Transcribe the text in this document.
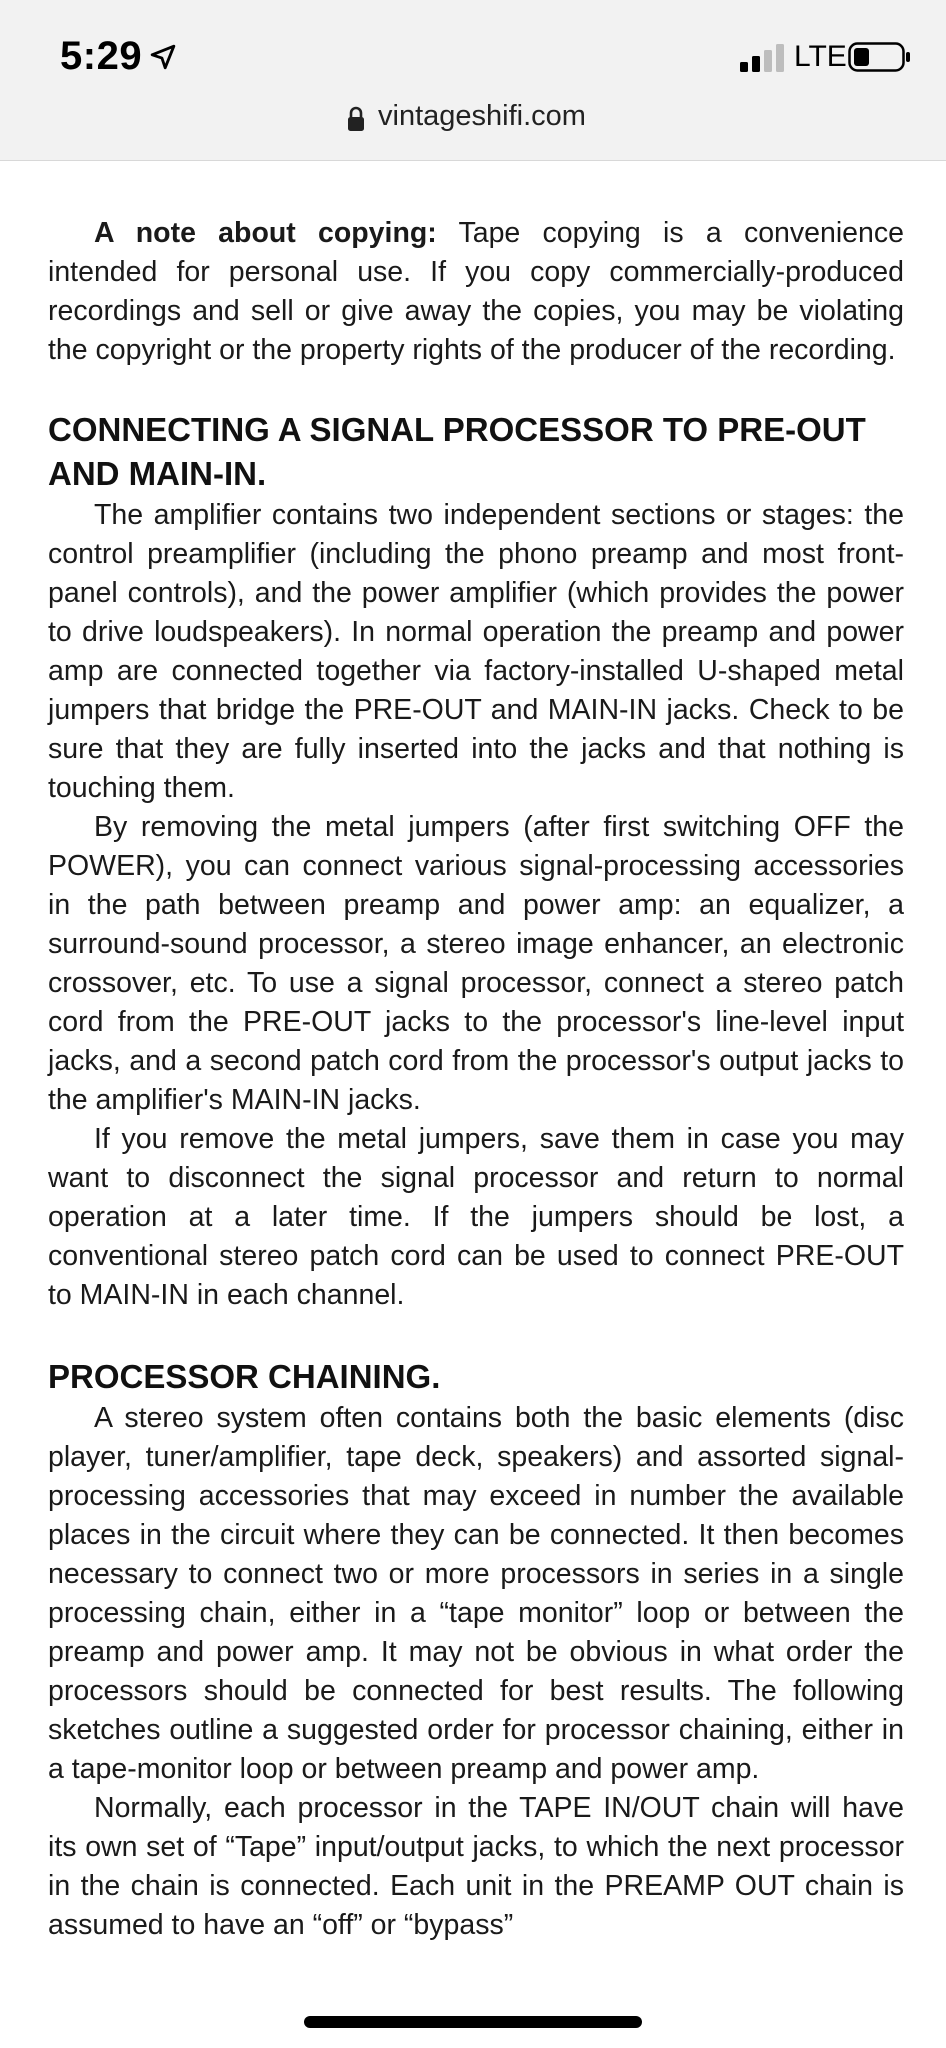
5:29	LTE
vintageshifi.com

A note about copying: Tape copying is a convenience intended for personal use. If you copy commercially-produced recordings and sell or give away the copies, you may be violating the copyright or the property rights of the producer of the recording.

CONNECTING A SIGNAL PROCESSOR TO PRE-OUT AND MAIN-IN.

The amplifier contains two independent sections or stages: the control preamplifier (including the phono preamp and most front-panel controls), and the power amplifier (which provides the power to drive loudspeakers). In normal operation the preamp and power amp are connected together via factory-installed U-shaped metal jumpers that bridge the PRE-OUT and MAIN-IN jacks. Check to be sure that they are fully inserted into the jacks and that nothing is touching them.

By removing the metal jumpers (after first switching OFF the POWER), you can connect various signal-processing accessories in the path between preamp and power amp: an equalizer, a surround-sound processor, a stereo image enhancer, an electronic crossover, etc. To use a signal processor, connect a stereo patch cord from the PRE-OUT jacks to the processor's line-level input jacks, and a second patch cord from the processor's output jacks to the amplifier's MAIN-IN jacks.

If you remove the metal jumpers, save them in case you may want to disconnect the signal processor and return to normal operation at a later time. If the jumpers should be lost, a conventional stereo patch cord can be used to connect PRE-OUT to MAIN-IN in each channel.

PROCESSOR CHAINING.

A stereo system often contains both the basic elements (disc player, tuner/amplifier, tape deck, speakers) and assorted signal-processing accessories that may exceed in number the available places in the circuit where they can be connected. It then becomes necessary to connect two or more processors in series in a single processing chain, either in a “tape monitor” loop or between the preamp and power amp. It may not be obvious in what order the processors should be connected for best results. The following sketches outline a suggested order for processor chaining, either in a tape-monitor loop or between preamp and power amp.

Normally, each processor in the TAPE IN/OUT chain will have its own set of “Tape” input/output jacks, to which the next processor in the chain is connected. Each unit in the PREAMP OUT chain is assumed to have an “off” or “bypass”
